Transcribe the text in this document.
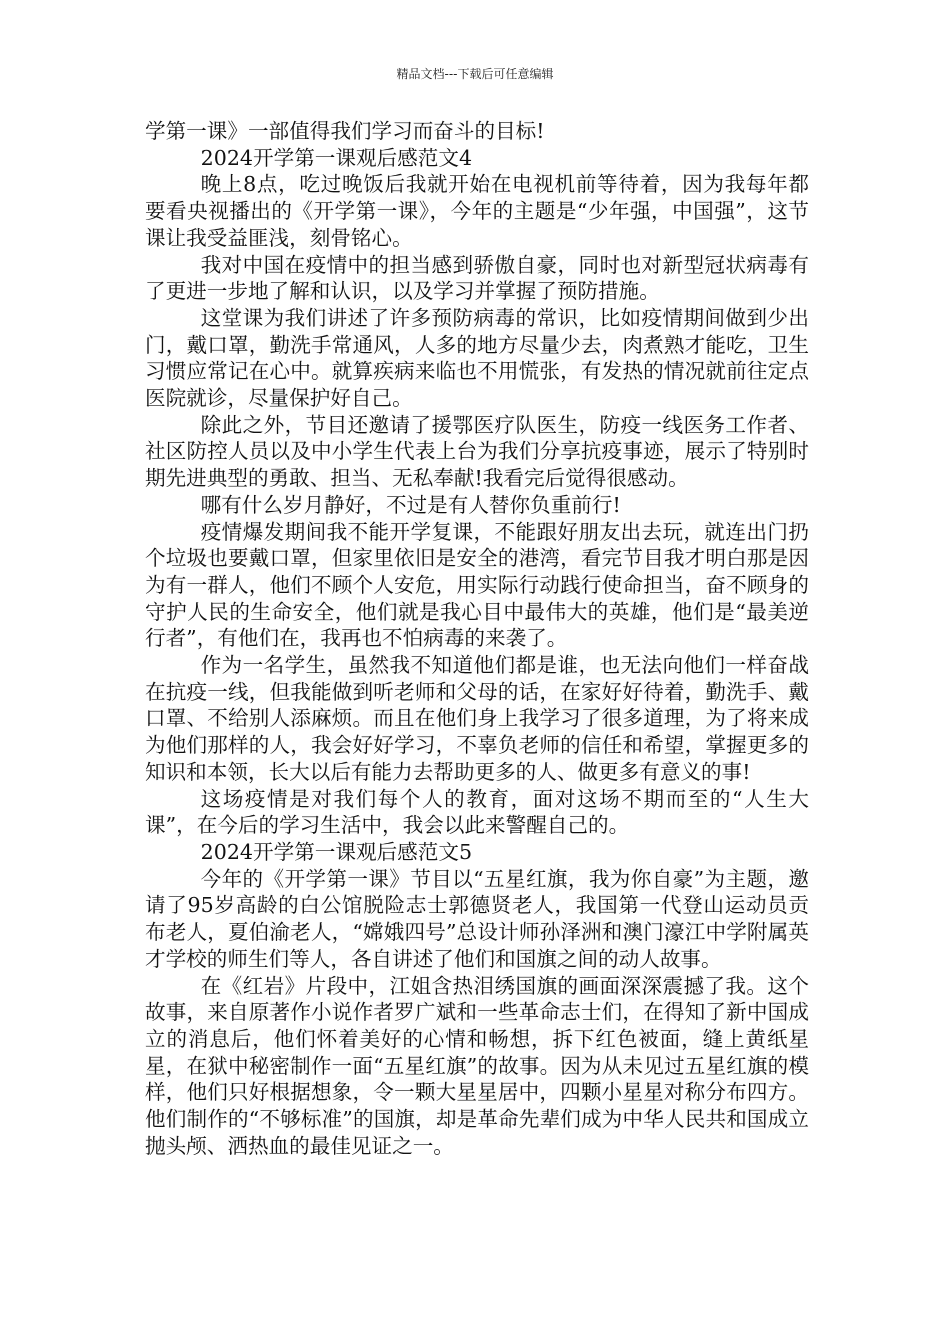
精品文档---下载后可任意编辑

学第一课》一部值得我们学习而奋斗的目标!

2024开学第一课观后感范文4

晚上8点，吃过晚饭后我就开始在电视机前等待着，因为我每年都要看央视播出的《开学第一课》，今年的主题是“少年强，中国强”，这节课让我受益匪浅，刻骨铭心。

我对中国在疫情中的担当感到骄傲自豪，同时也对新型冠状病毒有了更进一步地了解和认识，以及学习并掌握了预防措施。

这堂课为我们讲述了许多预防病毒的常识，比如疫情期间做到少出门，戴口罩，勤洗手常通风，人多的地方尽量少去，肉煮熟才能吃，卫生习惯应常记在心中。就算疾病来临也不用慌张，有发热的情况就前往定点医院就诊，尽量保护好自己。

除此之外，节目还邀请了援鄂医疗队医生，防疫一线医务工作者、社区防控人员以及中小学生代表上台为我们分享抗疫事迹，展示了特别时期先进典型的勇敢、担当、无私奉献!我看完后觉得很感动。

哪有什么岁月静好，不过是有人替你负重前行!

疫情爆发期间我不能开学复课，不能跟好朋友出去玩，就连出门扔个垃圾也要戴口罩，但家里依旧是安全的港湾，看完节目我才明白那是因为有一群人，他们不顾个人安危，用实际行动践行使命担当，奋不顾身的守护人民的生命安全，他们就是我心目中最伟大的英雄，他们是“最美逆行者”，有他们在，我再也不怕病毒的来袭了。

作为一名学生，虽然我不知道他们都是谁，也无法向他们一样奋战在抗疫一线，但我能做到听老师和父母的话，在家好好待着，勤洗手、戴口罩、不给别人添麻烦。而且在他们身上我学习了很多道理，为了将来成为他们那样的人，我会好好学习，不辜负老师的信任和希望，掌握更多的知识和本领，长大以后有能力去帮助更多的人、做更多有意义的事!

这场疫情是对我们每个人的教育，面对这场不期而至的“人生大课”，在今后的学习生活中，我会以此来警醒自己的。

2024开学第一课观后感范文5

今年的《开学第一课》节目以“五星红旗，我为你自豪”为主题，邀请了95岁高龄的白公馆脱险志士郭德贤老人，我国第一代登山运动员贡布老人，夏伯渝老人，“嫦娥四号”总设计师孙泽洲和澳门濠江中学附属英才学校的师生们等人，各自讲述了他们和国旗之间的动人故事。

在《红岩》片段中，江姐含热泪绣国旗的画面深深震撼了我。这个故事，来自原著作小说作者罗广斌和一些革命志士们，在得知了新中国成立的消息后，他们怀着美好的心情和畅想，拆下红色被面，缝上黄纸星星，在狱中秘密制作一面“五星红旗”的故事。因为从未见过五星红旗的模样，他们只好根据想象，令一颗大星星居中，四颗小星星对称分布四方。他们制作的“不够标准”的国旗，却是革命先辈们成为中华人民共和国成立抛头颅、洒热血的最佳见证之一。
